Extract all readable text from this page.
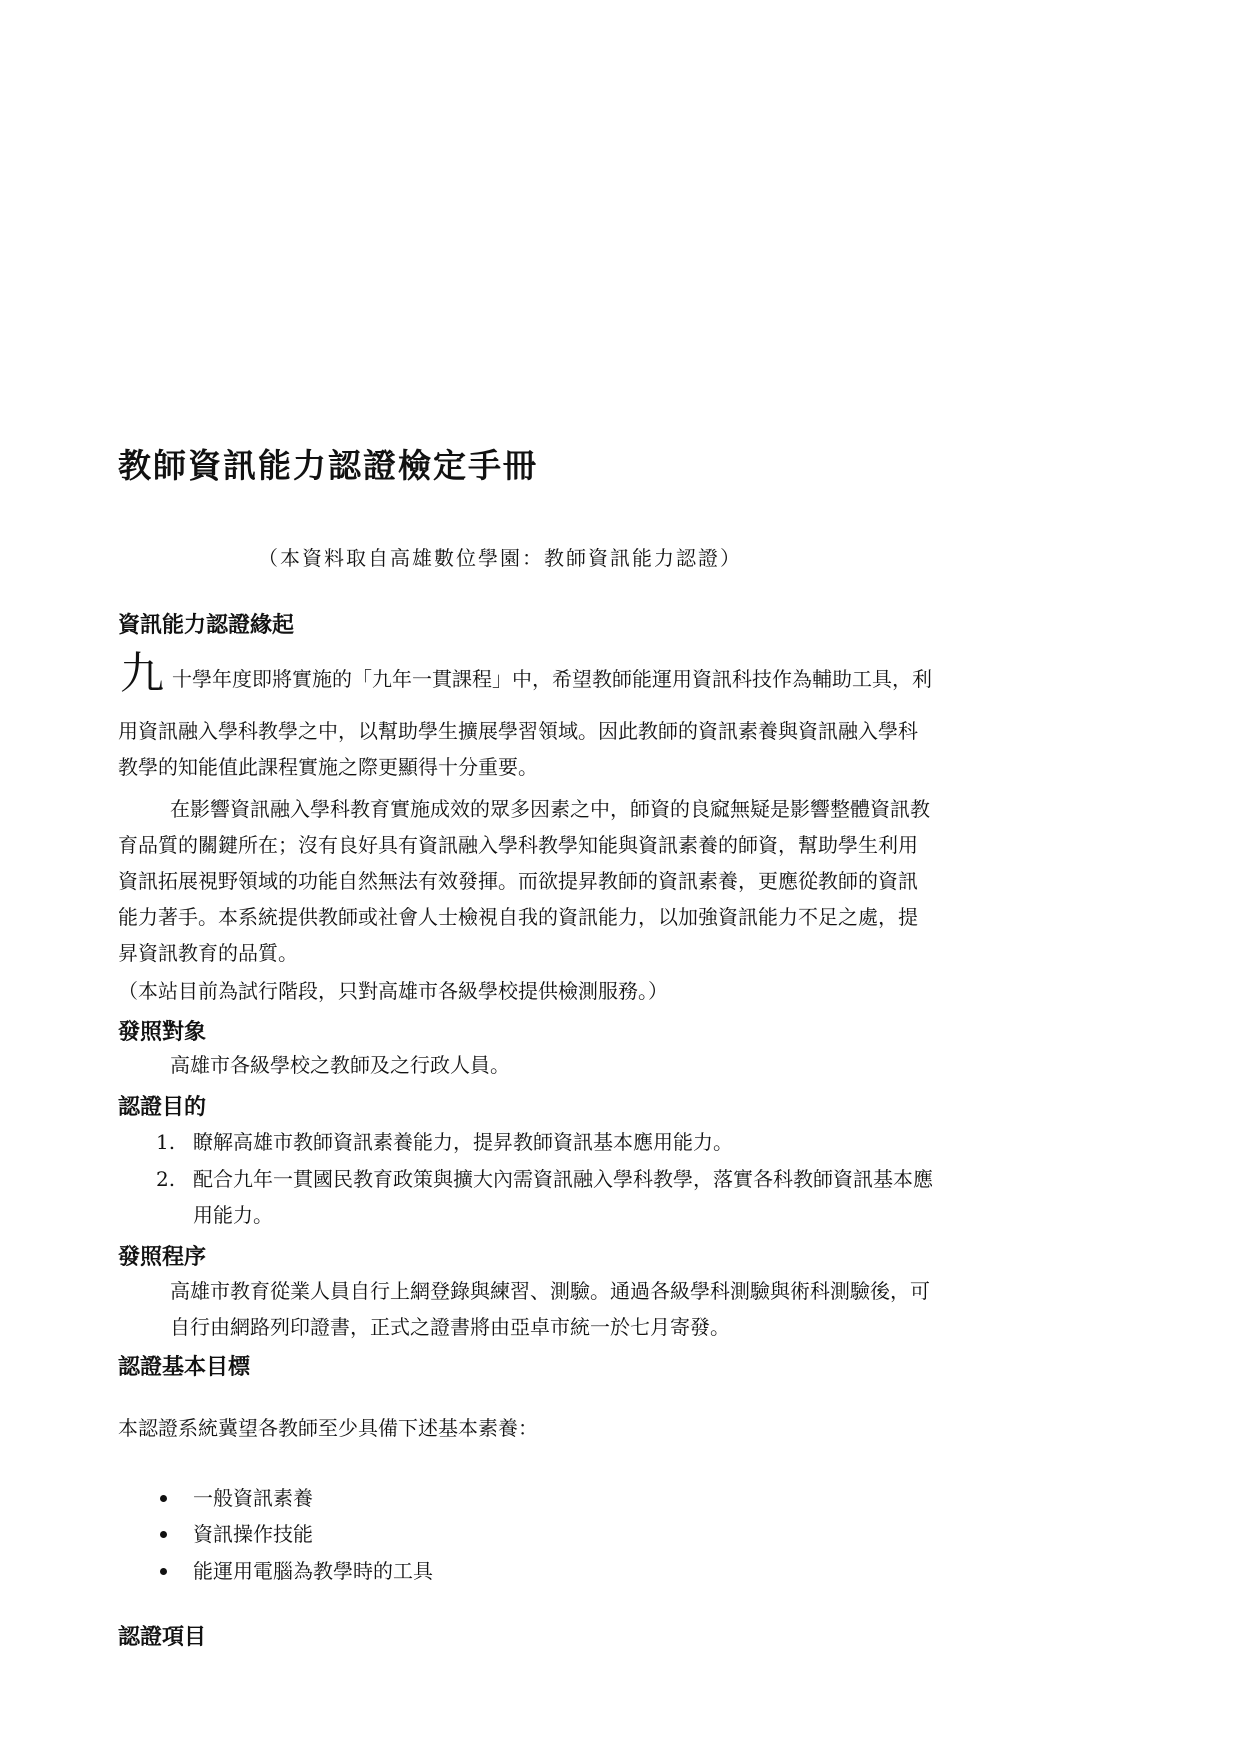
教師資訊能力認證檢定手冊
（本資料取自高雄數位學園：教師資訊能力認證）
資訊能力認證緣起
九 十學年度即將實施的「九年一貫課程」中，希望教師能運用資訊科技作為輔助工具，利
用資訊融入學科教學之中，以幫助學生擴展學習領域。因此教師的資訊素養與資訊融入學科
教學的知能值此課程實施之際更顯得十分重要。
在影響資訊融入學科教育實施成效的眾多因素之中，師資的良窳無疑是影響整體資訊教
育品質的關鍵所在；沒有良好具有資訊融入學科教學知能與資訊素養的師資，幫助學生利用
資訊拓展視野領域的功能自然無法有效發揮。而欲提昇教師的資訊素養，更應從教師的資訊
能力著手。本系統提供教師或社會人士檢視自我的資訊能力，以加強資訊能力不足之處，提
昇資訊教育的品質。
（本站目前為試行階段，只對高雄市各級學校提供檢測服務。）
發照對象
高雄市各級學校之教師及之行政人員。
認證目的
1. 瞭解高雄市教師資訊素養能力，提昇教師資訊基本應用能力。
2. 配合九年一貫國民教育政策與擴大內需資訊融入學科教學，落實各科教師資訊基本應
用能力。
發照程序
高雄市教育從業人員自行上網登錄與練習、測驗。通過各級學科測驗與術科測驗後，可
自行由網路列印證書，正式之證書將由亞卓市統一於七月寄發。
認證基本目標
本認證系統冀望各教師至少具備下述基本素養：
一般資訊素養
資訊操作技能
能運用電腦為教學時的工具
認證項目
